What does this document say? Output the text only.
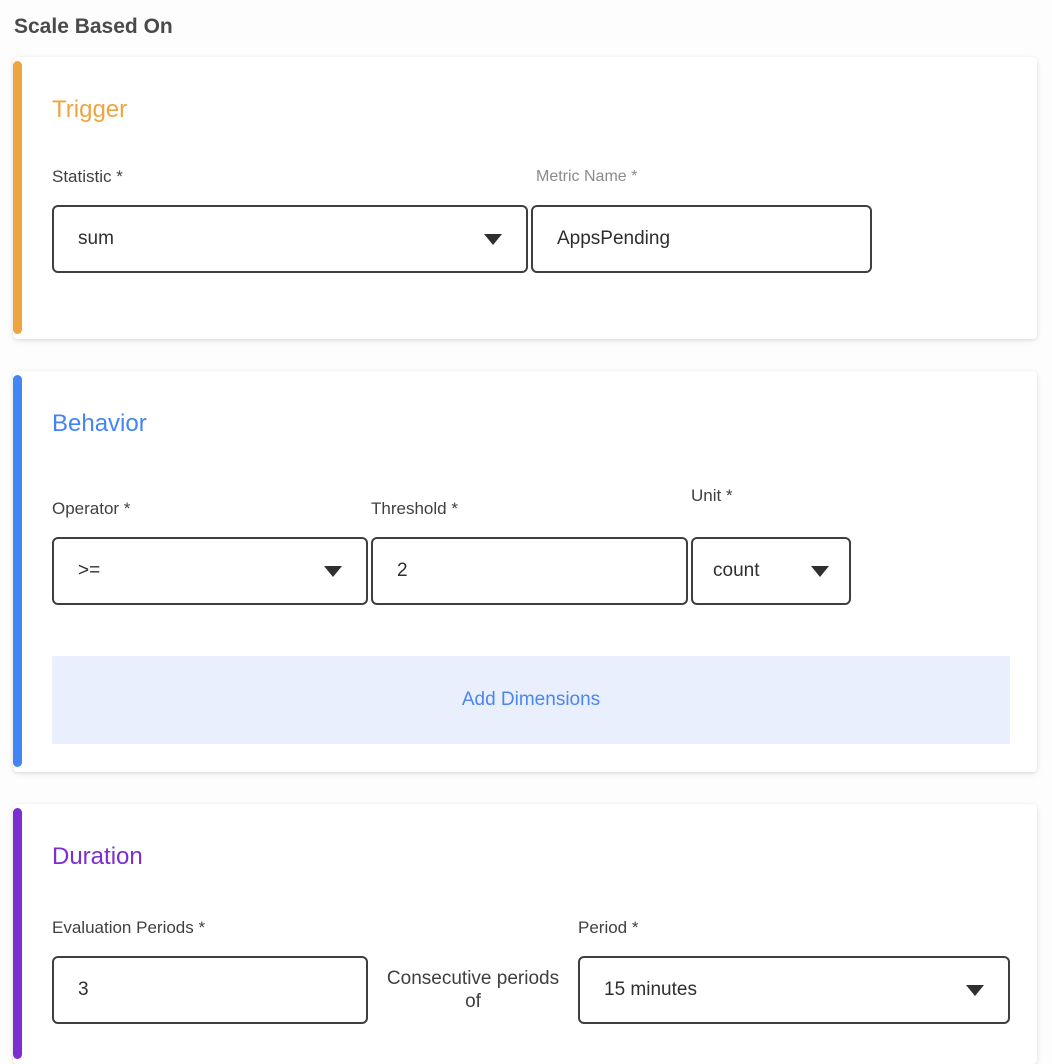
Scale Based On
Trigger
Statistic *
sum
Metric Name *
AppsPending
Behavior
Operator *
>=
Threshold *
2
Unit *
count
Add Dimensions
Duration
Evaluation Periods *
3
Consecutive periods
of
Period *
15 minutes
